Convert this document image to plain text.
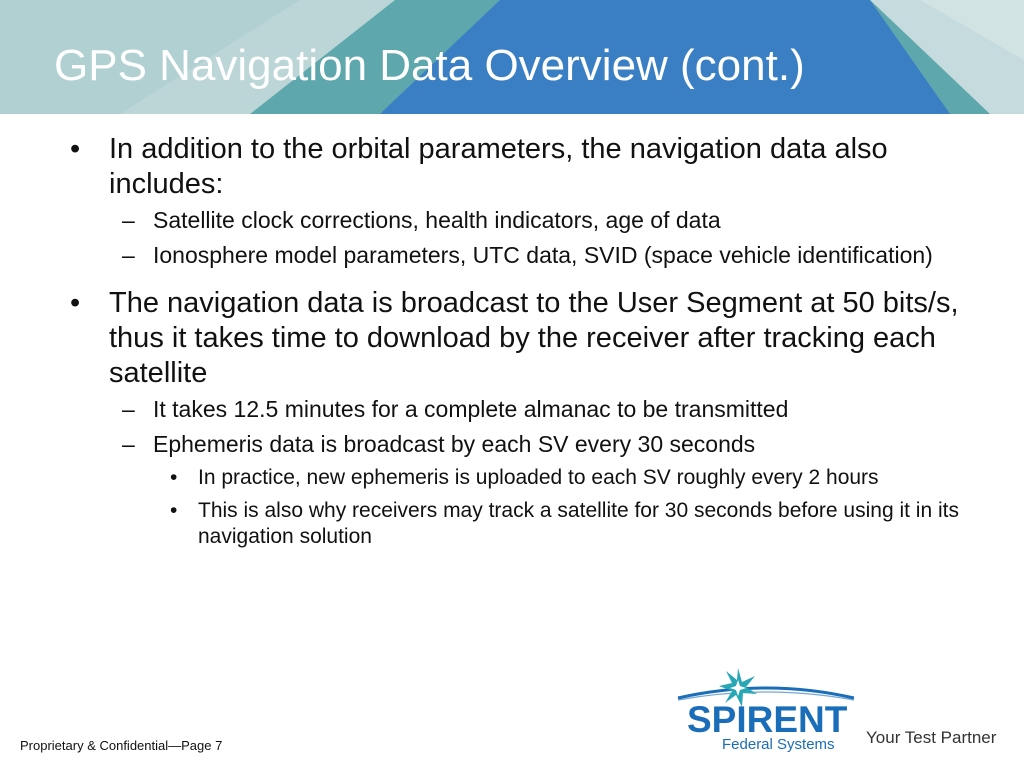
GPS Navigation Data Overview (cont.)
• In addition to the orbital parameters, the navigation data also includes:
– Satellite clock corrections, health indicators, age of data
– Ionosphere model parameters, UTC data, SVID (space vehicle identification)
• The navigation data is broadcast to the User Segment at 50 bits/s, thus it takes time to download by the receiver after tracking each satellite
– It takes 12.5 minutes for a complete almanac to be transmitted
– Ephemeris data is broadcast by each SV every 30 seconds
• In practice, new ephemeris is uploaded to each SV roughly every 2 hours
• This is also why receivers may track a satellite for 30 seconds before using it in its navigation solution
Proprietary & Confidential—Page 7
SPIRENT
Federal Systems Your Test Partner
